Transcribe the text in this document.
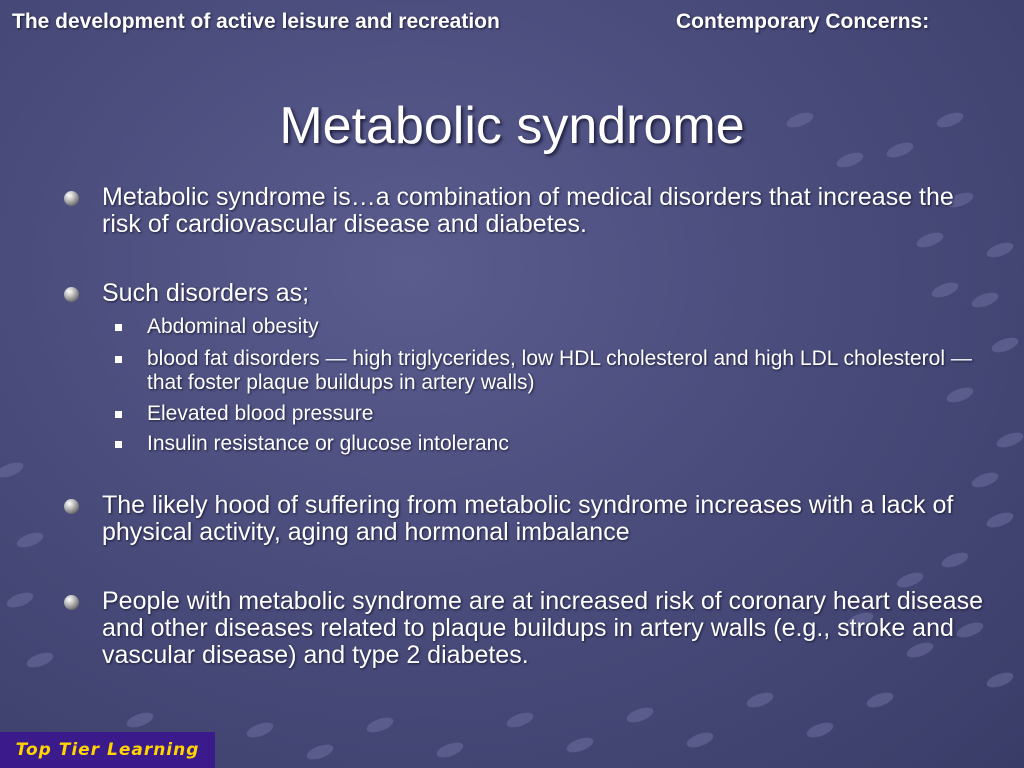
The development of active leisure and recreation	Contemporary Concerns:
Metabolic syndrome
Metabolic syndrome is…a combination of medical disorders that increase the risk of cardiovascular disease and diabetes.
Such disorders as;
Abdominal obesity
blood fat disorders — high triglycerides, low HDL cholesterol and high LDL cholesterol — that foster plaque buildups in artery walls)
Elevated blood pressure
Insulin resistance or glucose intoleranc
The likely hood of suffering from metabolic syndrome increases with a lack of physical activity, aging and hormonal imbalance
People with metabolic syndrome are at increased risk of coronary heart disease and other diseases related to plaque buildups in artery walls (e.g., stroke and vascular disease) and type 2 diabetes.
Top Tier Learning
